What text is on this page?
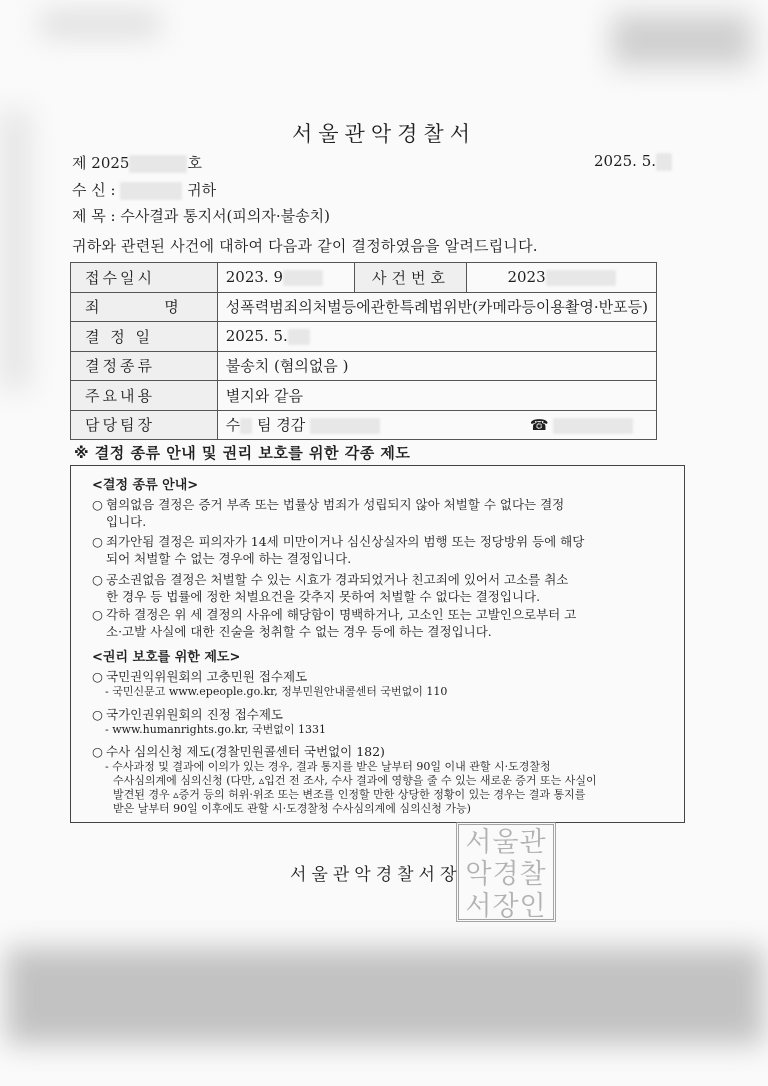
서울관악경찰서
제 2025	호	2025. 5.
수 신 :	귀하
제 목 : 수사결과 통지서(피의자·불송치)
귀하와 관련된 사건에 대하여 다음과 같이 결정하였음을 알려드립니다.
접수일시	2023. 9	사건번호	2023
죄 명	성폭력범죄의처벌등에관한특례법위반(카메라등이용촬영·반포등)		
결 정 일	2025. 5.		
결정종류	불송치 (혐의없음 )		
주요내용	별지와 같음		
담당팀장	수 팀 경감 ☎		
※ 결정 종류 안내 및 권리 보호를 위한 각종 제도
<결정 종류 안내>
○ 혐의없음 결정은 증거 부족 또는 법률상 범죄가 성립되지 않아 처벌할 수 없다는 결정
입니다.
○ 죄가안됨 결정은 피의자가 14세 미만이거나 심신상실자의 범행 또는 정당방위 등에 해당
되어 처벌할 수 없는 경우에 하는 결정입니다.
○ 공소권없음 결정은 처벌할 수 있는 시효가 경과되었거나 친고죄에 있어서 고소를 취소
한 경우 등 법률에 정한 처벌요건을 갖추지 못하여 처벌할 수 없다는 결정입니다.
○ 각하 결정은 위 세 결정의 사유에 해당함이 명백하거나, 고소인 또는 고발인으로부터 고
소·고발 사실에 대한 진술을 청취할 수 없는 경우 등에 하는 결정입니다.
<권리 보호를 위한 제도>
○ 국민권익위원회의 고충민원 접수제도
- 국민신문고 www.epeople.go.kr, 정부민원안내콜센터 국번없이 110
○ 국가인권위원회의 진정 접수제도
- www.humanrights.go.kr, 국번없이 1331
○ 수사 심의신청 제도(경찰민원콜센터 국번없이 182)
- 수사과정 및 결과에 이의가 있는 경우, 결과 통지를 받은 날부터 90일 이내 관할 시·도경찰청
수사심의계에 심의신청 (다만, ▵입건 전 조사, 수사 결과에 영향을 줄 수 있는 새로운 증거 또는 사실이
발견된 경우 ▵증거 등의 허위·위조 또는 변조를 인정할 만한 상당한 정황이 있는 경우는 결과 통지를
받은 날부터 90일 이후에도 관할 시·도경찰청 수사심의계에 심의신청 가능)
서울관
악경찰
서장인
서울관악경찰서장
